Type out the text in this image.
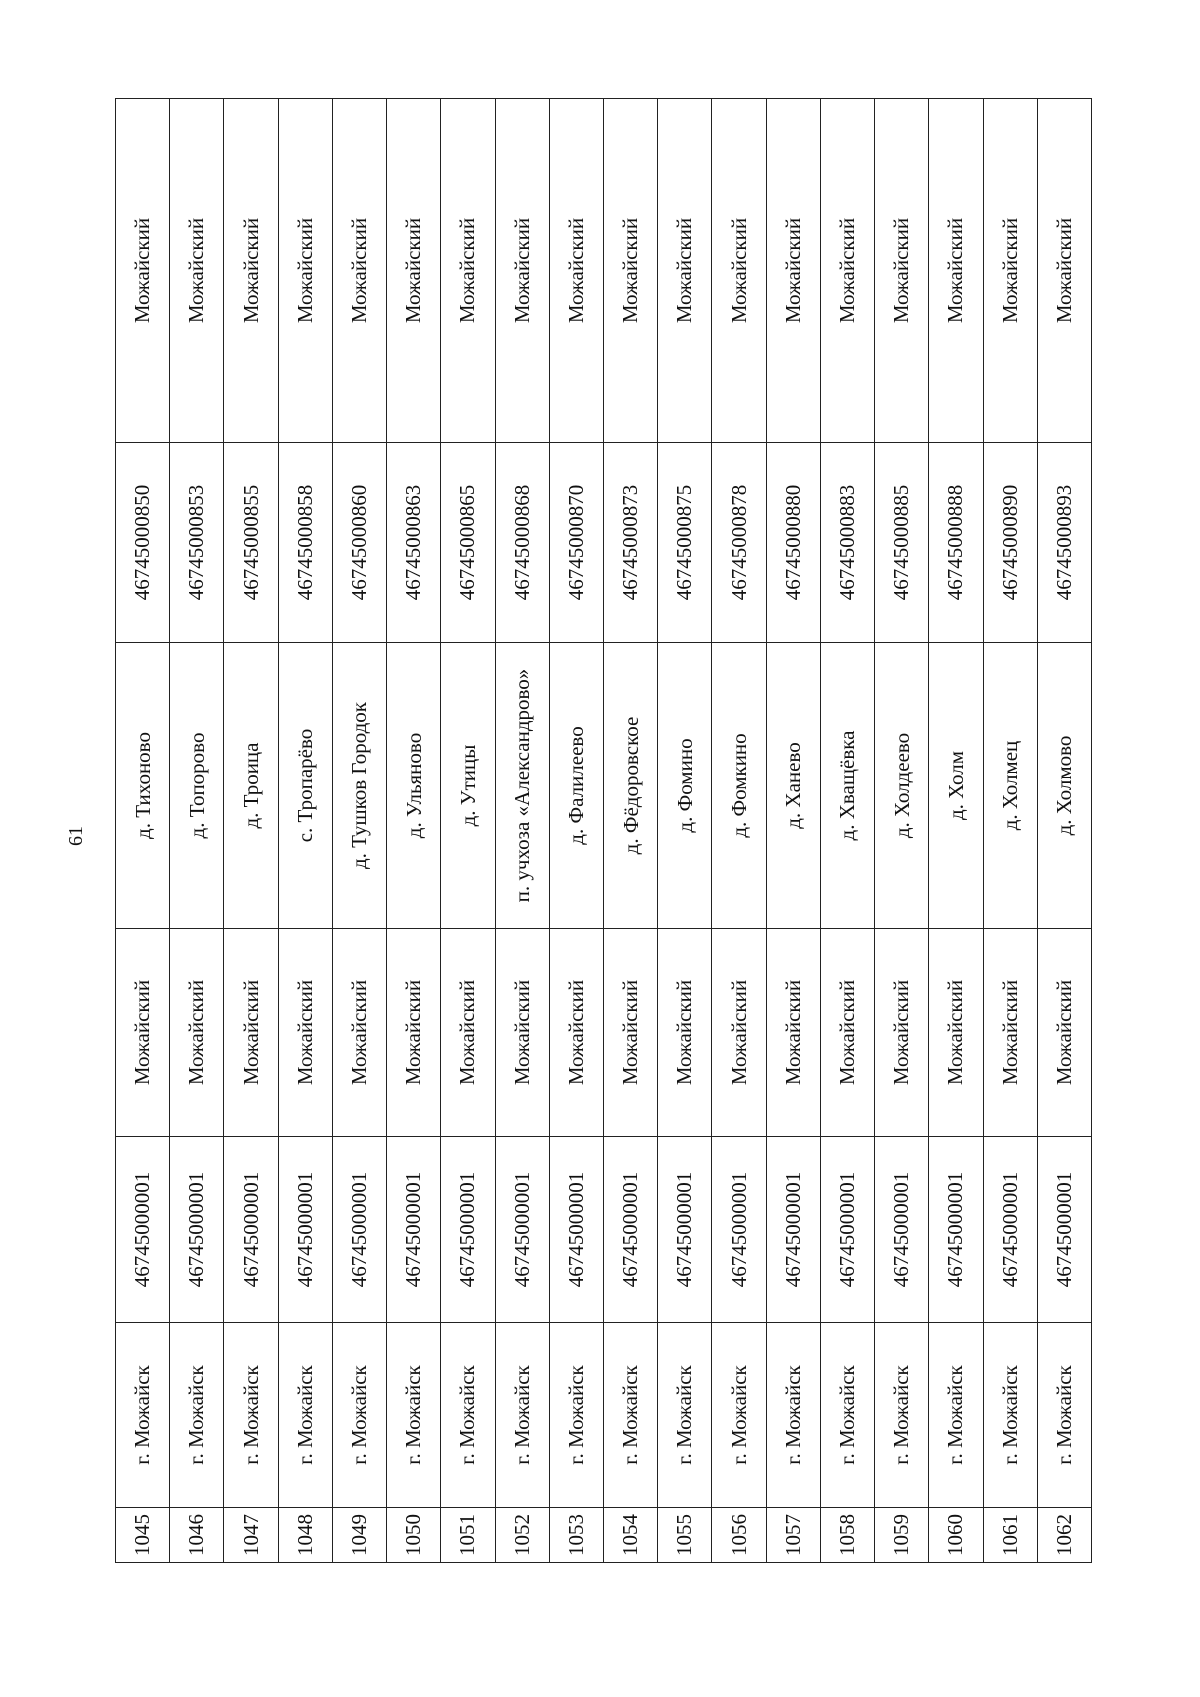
61
1045	г. Можайск	46745000001	Можайский	д. Тихоново	46745000850	Можайский
1046	г. Можайск	46745000001	Можайский	д. Топорово	46745000853	Можайский
1047	г. Можайск	46745000001	Можайский	д. Троица	46745000855	Можайский
1048	г. Можайск	46745000001	Можайский	с. Тропарёво	46745000858	Можайский
1049	г. Можайск	46745000001	Можайский	д. Тушков Городок	46745000860	Можайский
1050	г. Можайск	46745000001	Можайский	д. Ульяново	46745000863	Можайский
1051	г. Можайск	46745000001	Можайский	д. Утицы	46745000865	Можайский
1052	г. Можайск	46745000001	Можайский	п. учхоза «Александрово»	46745000868	Можайский
1053	г. Можайск	46745000001	Можайский	д. Фалилеево	46745000870	Можайский
1054	г. Можайск	46745000001	Можайский	д. Фёдоровское	46745000873	Можайский
1055	г. Можайск	46745000001	Можайский	д. Фомино	46745000875	Можайский
1056	г. Можайск	46745000001	Можайский	д. Фомкино	46745000878	Можайский
1057	г. Можайск	46745000001	Можайский	д. Ханево	46745000880	Можайский
1058	г. Можайск	46745000001	Можайский	д. Хващёвка	46745000883	Можайский
1059	г. Можайск	46745000001	Можайский	д. Холдеево	46745000885	Можайский
1060	г. Можайск	46745000001	Можайский	д. Холм	46745000888	Можайский
1061	г. Можайск	46745000001	Можайский	д. Холмец	46745000890	Можайский
1062	г. Можайск	46745000001	Можайский	д. Холмово	46745000893	Можайский
